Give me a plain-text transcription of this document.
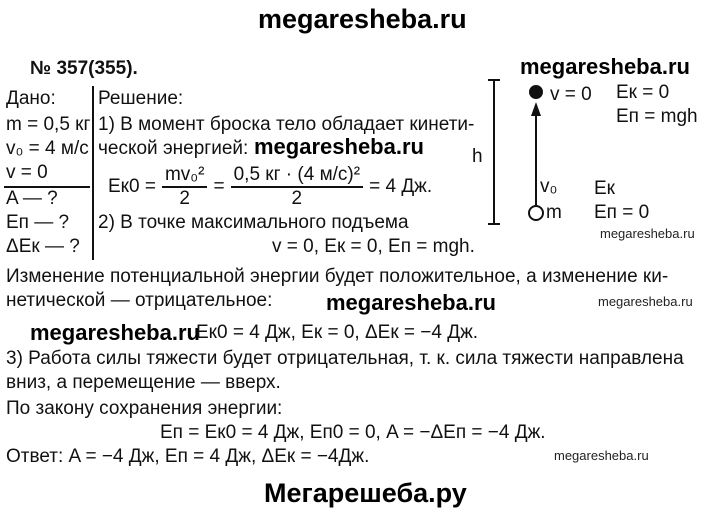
megaresheba.ru
№ 357(355).	megaresheba.ru
Дано:
m = 0,5 кг
v₀ = 4 м/с
v = 0
A — ?
Eп — ?
ΔEк — ?
Решение:
1) В момент броска тело обладает кинети-
ческой энергией: megaresheba.ru
$Eк0 = \frac{\text{mv₀²}}{2} = \frac{\text{0,5 кг · (4 м/с)²}}{2} = 4$ Дж.
2) В точке максимального подъема
v = 0, Eк = 0, Eп = mgh.
h
v = 0 Eк = 0
Eп = mgh
v₀
m
Eк
Eп = 0
megaresheba.ru
Изменение потенциальной энергии будет положительное, а изменение ки-
нетической — отрицательное: megaresheba.ru	megaresheba.ru
megaresheba.ru
Eк0 = 4 Дж, Eк = 0, ΔEк = −4 Дж.
3) Работа силы тяжести будет отрицательная, т. к. сила тяжести направлена
вниз, а перемещение — вверх.
По закону сохранения энергии:
Eп = Eк0 = 4 Дж, Eп0 = 0, A = −ΔEп = −4 Дж.
Ответ: A = −4 Дж, Eп = 4 Дж, ΔEк = −4Дж.	megaresheba.ru
Мегарешеба.ру
